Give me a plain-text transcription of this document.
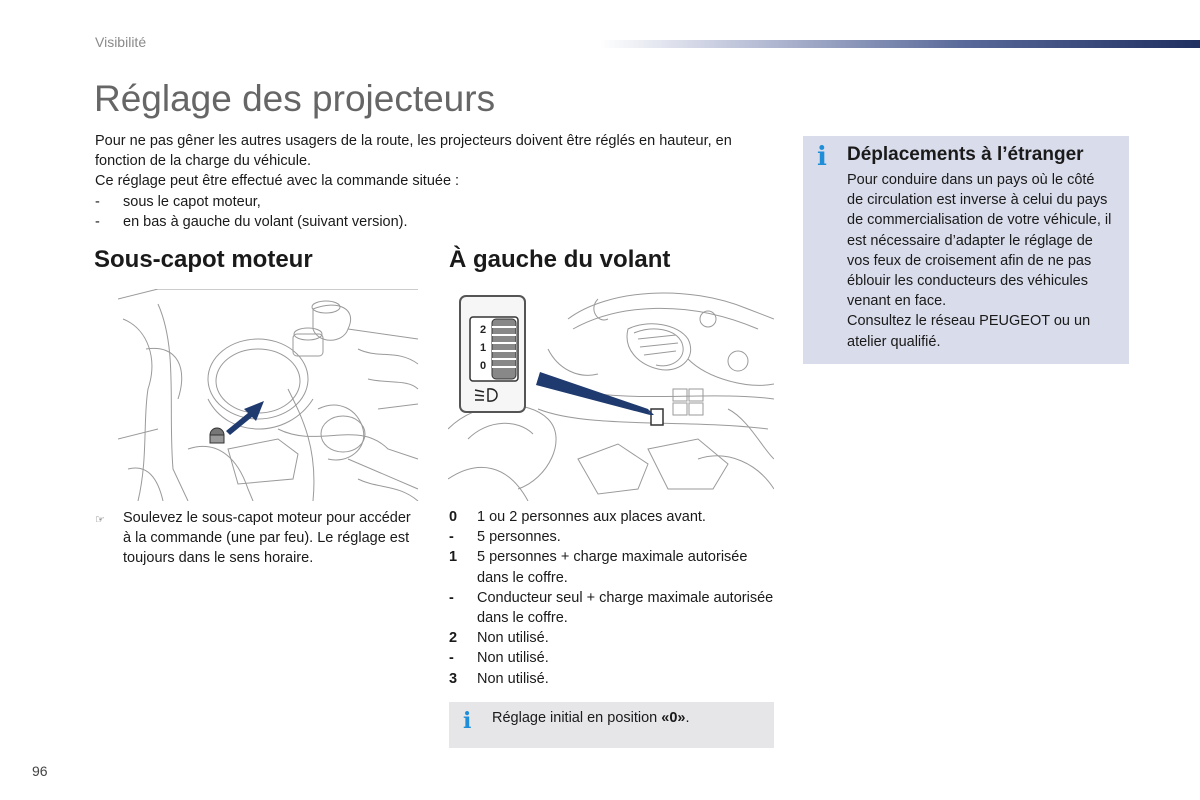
Visibilité
Réglage des projecteurs

Pour ne pas gêner les autres usagers de la route, les projecteurs doivent être réglés en hauteur, en fonction de la charge du véhicule.

Ce réglage peut être effectué avec la commande située :

-	sous le capot moteur,
-	en bas à gauche du volant (suivant version).
Sous-capot moteur	À gauche du volant
2
1
0
☞	Soulevez le sous-capot moteur pour accéder à la commande (une par feu). Le réglage est toujours dans le sens horaire.
0	1 ou 2 personnes aux places avant.
-	5 personnes.
1	5 personnes + charge maximale autorisée dans le coffre.
-	Conducteur seul + charge maximale autorisée dans le coffre.
2	Non utilisé.
-	Non utilisé.
3	Non utilisé.
i Réglage initial en position «0».
i Déplacements à l’étranger
Pour conduire dans un pays où le côté de circulation est inverse à celui du pays de commercialisation de votre véhicule, il est nécessaire d’adapter le réglage de vos feux de croisement afin de ne pas éblouir les conducteurs des véhicules venant en face.
Consultez le réseau PEUGEOT ou un atelier qualifié.
96
